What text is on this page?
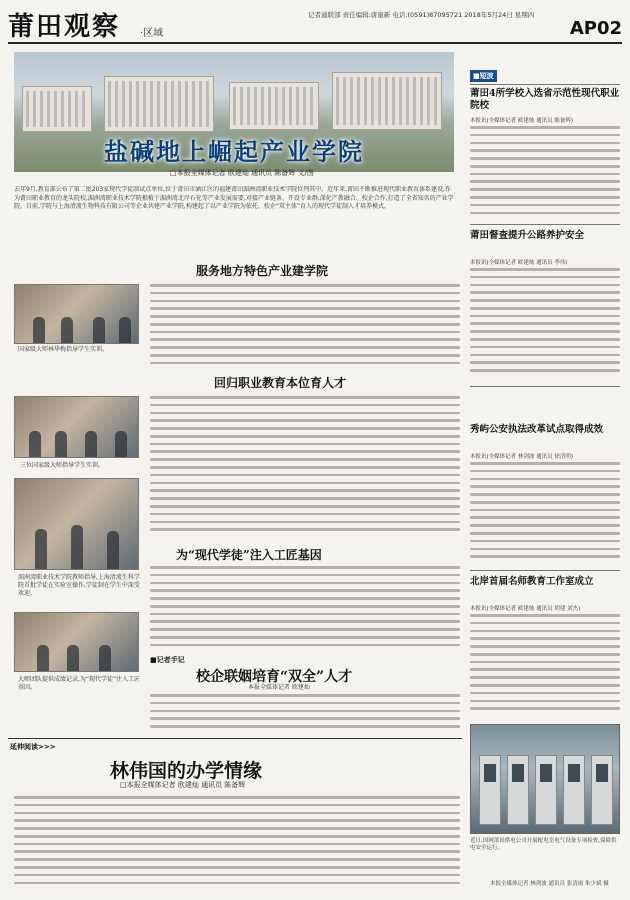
莆田观察 ·区域
记者通联部 责任编辑:唐崖新 电话:(0591)87095721 2018年5月24日 星期四
AP02
盐碱地上崛起产业学院
□本报全媒体记者 欧建灿 通讯员 陈备辉 文/图
去年9月,教育部公布了第二批203家现代学徒制试点单位,位于莆田市涵江区的福建莆田湄洲湾职业技术学院位列其中。近年来,莆田不断推进现代职业教育体系建设,作为莆田职业教育的龙头院校,湄洲湾职业技术学院根植于湄洲湾北岸石化等产业发展需要,对接产业链条、开设专业群,深化产教融合、校企合作,打造了全省知名的产业学院。目前,学院与上海清流生物科技有限公司等企业共建产业学院,构建起了以产业学院为依托、校企“双主体”育人的现代学徒制人才培养模式。
服务地方特色产业建学院
国家级大师林华梅指导学生实训。
回归职业教育本位育人才
三位国家级大师指导学生实训。
湄洲湾职业技术学院教师指导,上海清流生科学院首批学徒在实验室操作,学徒制在学生中深受欢迎。
为“现代学徒”注入工匠基因
大师团队提供成绩记录,为“现代学徒”注入工匠基因。
■记者手记
校企联姻培育“双全”人才
本报全媒体记者 欧建灿
■短波
莆田4所学校入选省示范性现代职业院校
本报讯(全媒体记者 欧建灿 通讯员 陈备辉)
莆田督查提升公路养护安全
本报讯(全媒体记者 欧建灿 通讯员 李伟)
秀屿公安执法改革试点取得成效
本报讯(全媒体记者 林剑波 通讯员 徐清明)
北岸首届名师教育工作室成立
本报讯(全媒体记者 欧建灿 通讯员 胡建 刘杰)
近日,国网莆田供电公司开展配电室电气设备专项检查,保障供电安全运行。
本报全媒体记者 林剑波 通讯员 张清雨 朱少斌 摄
延伸阅读>>>
林伟国的办学情缘
□本报全媒体记者 欧建灿 通讯员 陈备辉
